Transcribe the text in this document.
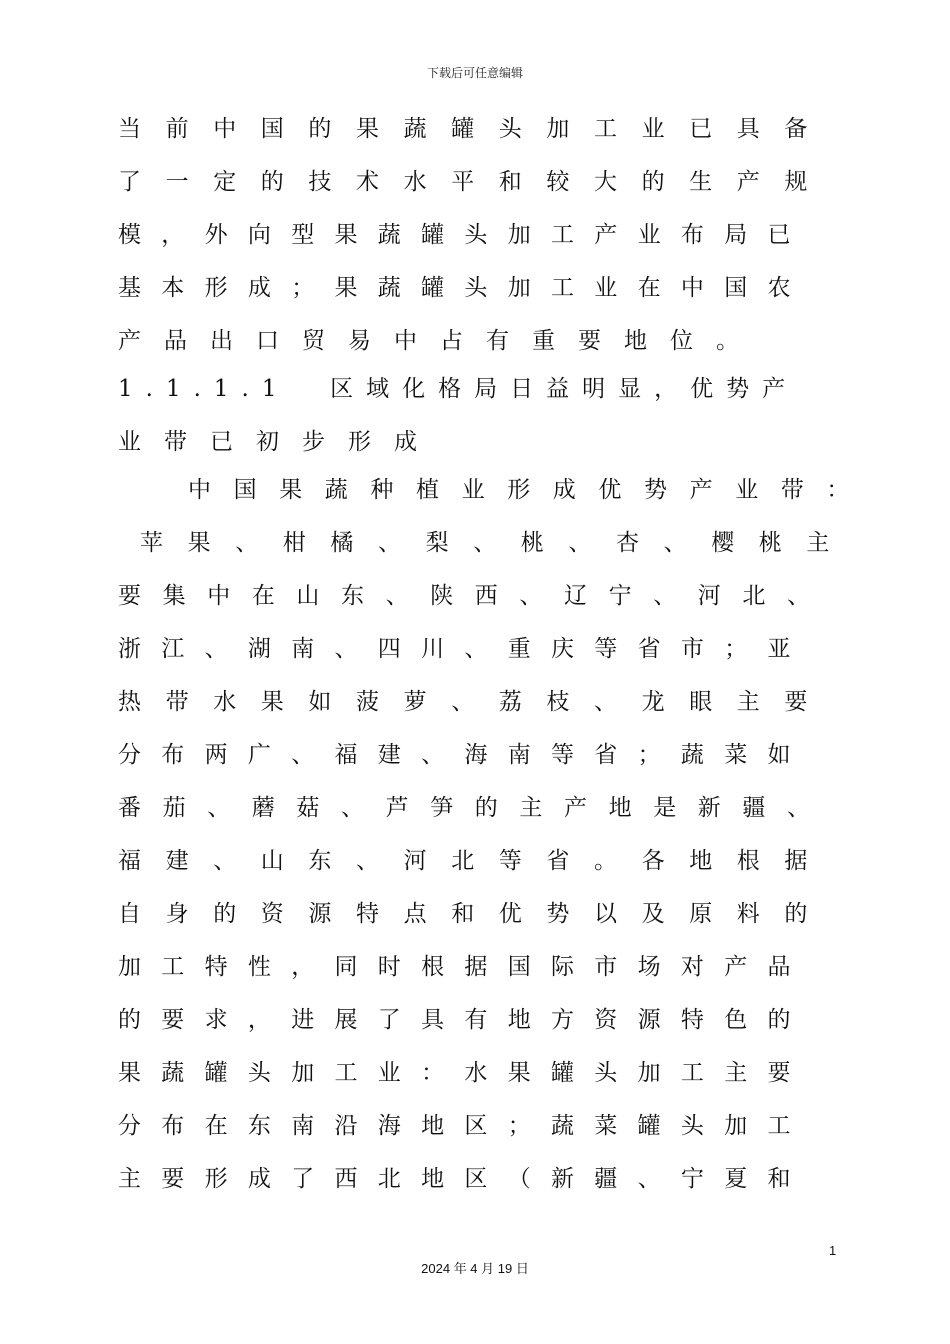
下载后可任意编辑
当前中国的果蔬罐头加工业已具备
了一定的技术水平和较大的生产规
模，外向型果蔬罐头加工产业布局已
基本形成；果蔬罐头加工业在中国农
产品出口贸易中占有重要地位。
1.1.1.1  区域化格局日益明显，优势产
业带已初步形成
中国果蔬种植业形成优势产业带：
苹果、柑橘、梨、桃、杏、樱桃主
要集中在山东、陕西、辽宁、河北、
浙江、湖南、四川、重庆等省市；亚
热带水果如菠萝、荔枝、龙眼主要
分布两广、福建、海南等省；蔬菜如
番茄、蘑菇、芦笋的主产地是新疆、
福建、山东、河北等省。各地根据
自身的资源特点和优势以及原料的
加工特性，同时根据国际市场对产品
的要求，进展了具有地方资源特色的
果蔬罐头加工业：水果罐头加工主要
分布在东南沿海地区；蔬菜罐头加工
主要形成了西北地区（新疆、宁夏和
1
2024 年 4 月 19 日
